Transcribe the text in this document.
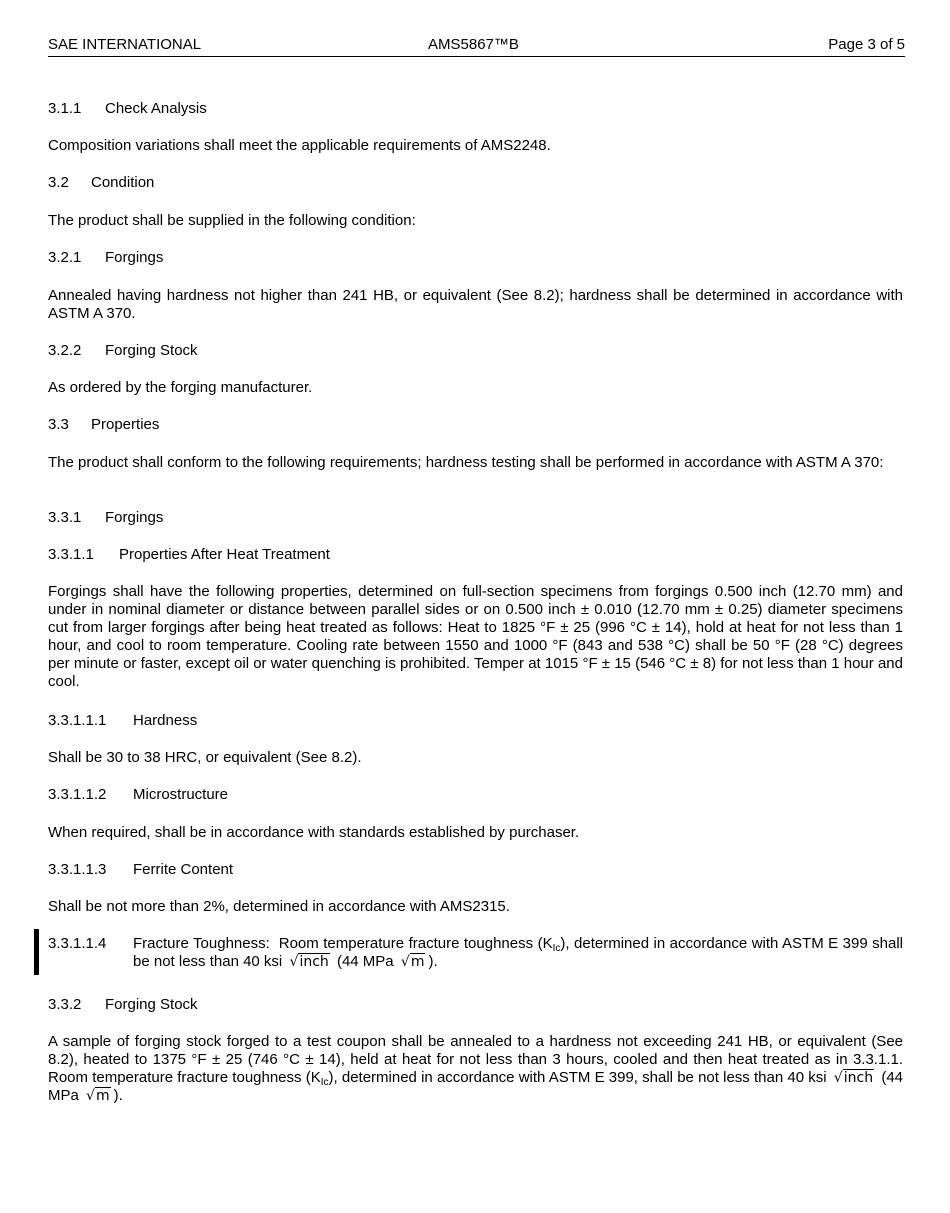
SAE INTERNATIONAL	AMS5867™B	Page 3 of 5

3.1.1 Check Analysis

Composition variations shall meet the applicable requirements of AMS2248.

3.2 Condition

The product shall be supplied in the following condition:

3.2.1 Forgings

Annealed having hardness not higher than 241 HB, or equivalent (See 8.2); hardness shall be determined in accordance with ASTM A 370.

3.2.2 Forging Stock

As ordered by the forging manufacturer.

3.3 Properties

The product shall conform to the following requirements; hardness testing shall be performed in accordance with ASTM A 370:

3.3.1 Forgings

3.3.1.1 Properties After Heat Treatment

Forgings shall have the following properties, determined on full-section specimens from forgings 0.500 inch (12.70 mm) and under in nominal diameter or distance between parallel sides or on 0.500 inch ± 0.010 (12.70 mm ± 0.25) diameter specimens cut from larger forgings after being heat treated as follows: Heat to 1825 °F ± 25 (996 °C ± 14), hold at heat for not less than 1 hour, and cool to room temperature. Cooling rate between 1550 and 1000 °F (843 and 538 °C) shall be 50 °F (28 °C) degrees per minute or faster, except oil or water quenching is prohibited. Temper at 1015 °F ± 15 (546 °C ± 8) for not less than 1 hour and cool.

3.3.1.1.1 Hardness

Shall be 30 to 38 HRC, or equivalent (See 8.2).

3.3.1.1.2 Microstructure

When required, shall be in accordance with standards established by purchaser.

3.3.1.1.3 Ferrite Content

Shall be not more than 2%, determined in accordance with AMS2315.

3.3.1.1.4 Fracture Toughness: Room temperature fracture toughness $(K_{Ic})$, determined in accordance with ASTM E 399 shall be not less than 40 ksi √ inch (44 MPa √ m ).

3.3.2 Forging Stock

A sample of forging stock forged to a test coupon shall be annealed to a hardness not exceeding 241 HB, or equivalent (See 8.2), heated to 1375 °F ± 25 (746 °C ± 14), held at heat for not less than 3 hours, cooled and then heat treated as in 3.3.1.1. Room temperature fracture toughness $(K_{Ic})$, determined in accordance with ASTM E 399, shall be not less than 40 ksi √ inch (44 MPa √ m ).
